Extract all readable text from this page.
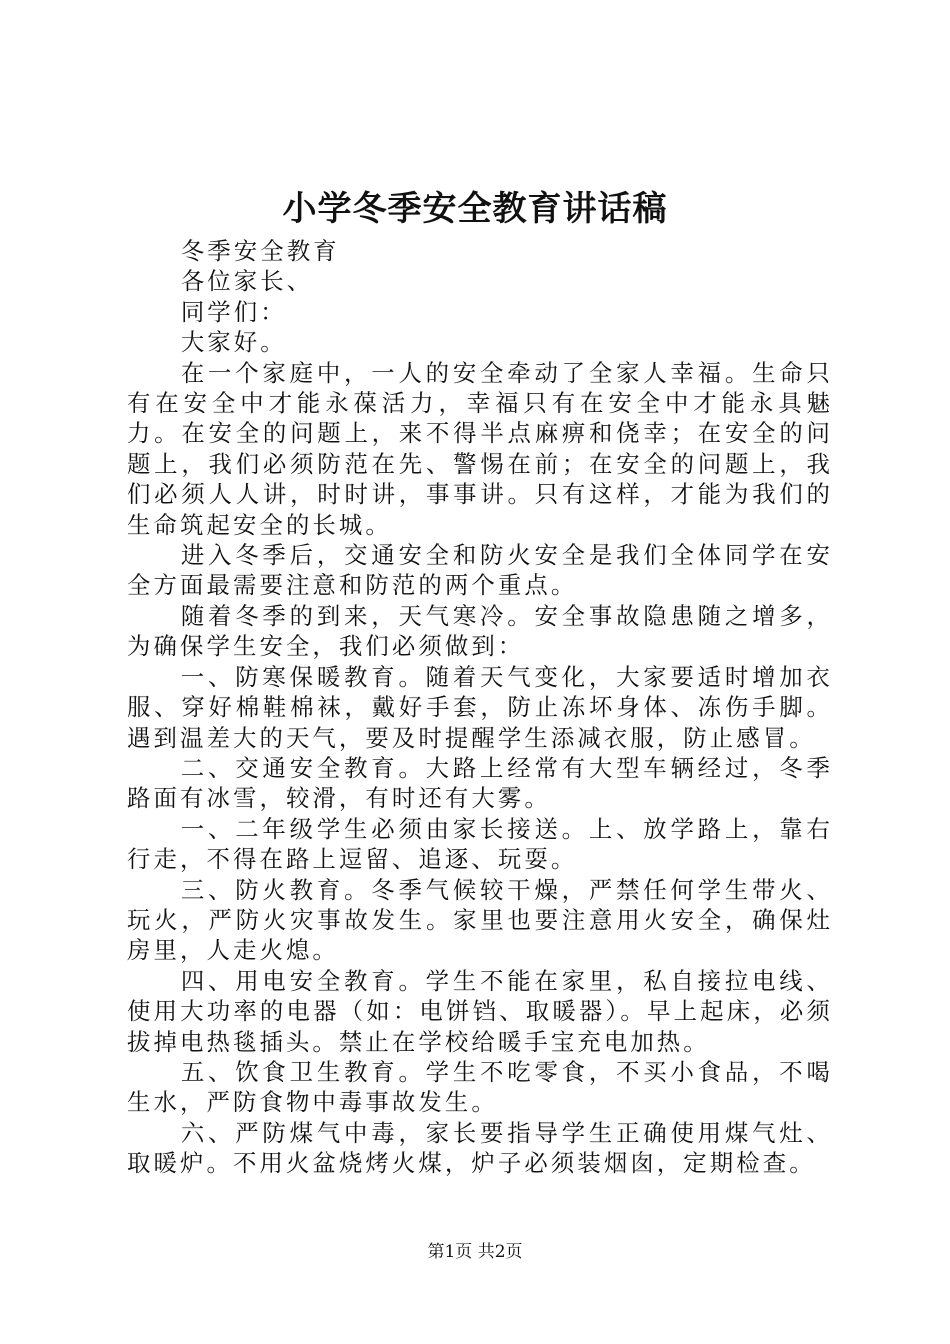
小学冬季安全教育讲话稿

冬季安全教育

各位家长、

同学们：

大家好。

在一个家庭中，一人的安全牵动了全家人幸福。生命只有在安全中才能永葆活力，幸福只有在安全中才能永具魅力。在安全的问题上，来不得半点麻痹和侥幸；在安全的问题上，我们必须防范在先、警惕在前；在安全的问题上，我们必须人人讲，时时讲，事事讲。只有这样，才能为我们的生命筑起安全的长城。

进入冬季后，交通安全和防火安全是我们全体同学在安全方面最需要注意和防范的两个重点。

随着冬季的到来，天气寒冷。安全事故隐患随之增多，为确保学生安全，我们必须做到：

一、防寒保暖教育。随着天气变化，大家要适时增加衣服、穿好棉鞋棉袜，戴好手套，防止冻坏身体、冻伤手脚。遇到温差大的天气，要及时提醒学生添减衣服，防止感冒。

二、交通安全教育。大路上经常有大型车辆经过，冬季路面有冰雪，较滑，有时还有大雾。

一、二年级学生必须由家长接送。上、放学路上，靠右行走，不得在路上逗留、追逐、玩耍。

三、防火教育。冬季气候较干燥，严禁任何学生带火、玩火，严防火灾事故发生。家里也要注意用火安全，确保灶房里，人走火熄。

四、用电安全教育。学生不能在家里，私自接拉电线、使用大功率的电器（如：电饼铛、取暖器）。早上起床，必须拔掉电热毯插头。禁止在学校给暖手宝充电加热。

五、饮食卫生教育。学生不吃零食，不买小食品，不喝生水，严防食物中毒事故发生。

六、严防煤气中毒，家长要指导学生正确使用煤气灶、取暖炉。不用火盆烧烤火煤，炉子必须装烟囱，定期检查。

第1页 共2页
